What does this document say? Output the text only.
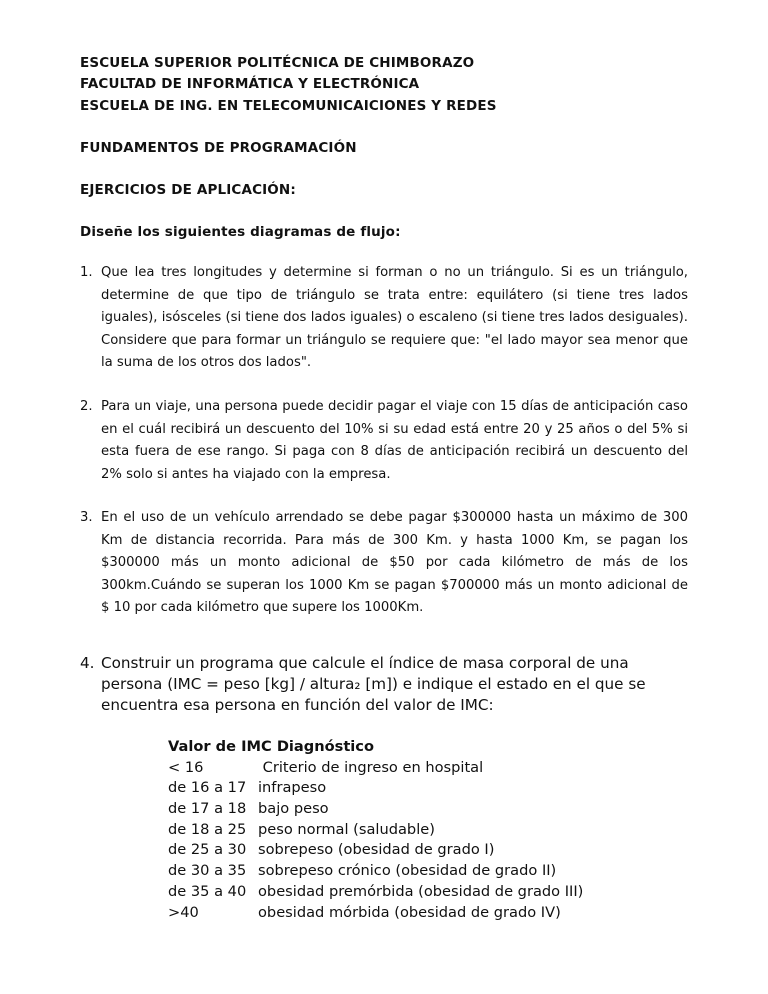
ESCUELA SUPERIOR POLITÉCNICA DE CHIMBORAZO
FACULTAD DE INFORMÁTICA Y ELECTRÓNICA
ESCUELA DE ING. EN TELECOMUNICAICIONES Y REDES
FUNDAMENTOS DE PROGRAMACIÓN
EJERCICIOS DE APLICACIÓN:
Diseñe los siguientes diagramas de flujo:
1. Que lea tres longitudes y determine si forman o no un triángulo. Si es un triángulo, determine de que tipo de triángulo se trata entre: equilátero (si tiene tres lados iguales), isósceles (si tiene dos lados iguales) o escaleno (si tiene tres lados desiguales). Considere que para formar un triángulo se requiere que: "el lado mayor sea menor que la suma de los otros dos lados".
2. Para un viaje, una persona puede decidir pagar el viaje con 15 días de anticipación caso en el cuál recibirá un descuento del 10% si su edad está entre 20 y 25 años o del 5% si esta fuera de ese rango. Si paga con 8 días de anticipación recibirá un descuento del 2% solo si antes ha viajado con la empresa.
3. En el uso de un vehículo arrendado se debe pagar $300000 hasta un máximo de 300 Km de distancia recorrida. Para más de 300 Km. y hasta 1000 Km, se pagan los $300000 más un monto adicional de $50 por cada kilómetro de más de los 300km.Cuándo se superan los 1000 Km se pagan $700000 más un monto adicional de $ 10 por cada kilómetro que supere los 1000Km.
4. Construir un programa que calcule el índice de masa corporal de una persona (IMC = peso [kg] / altura₂ [m]) e indique el estado en el que se encuentra esa persona en función del valor de IMC:
Valor de IMC Diagnóstico
< 16	Criterio de ingreso en hospital
de 16 a 17 infrapeso
de 17 a 18 bajo peso
de 18 a 25 peso normal (saludable)
de 25 a 30 sobrepeso (obesidad de grado I)
de 30 a 35 sobrepeso crónico (obesidad de grado II)
de 35 a 40 obesidad premórbida (obesidad de grado III)
>40	obesidad mórbida (obesidad de grado IV)
